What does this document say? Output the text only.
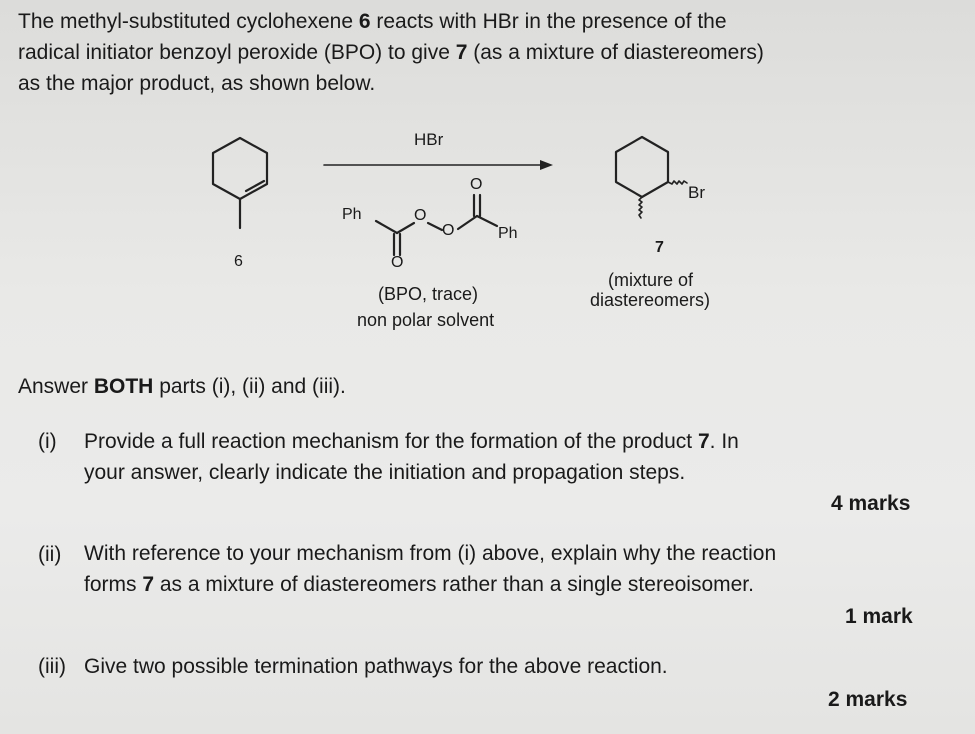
The methyl-substituted cyclohexene 6 reacts with HBr in the presence of the
radical initiator benzoyl peroxide (BPO) to give 7 (as a mixture of diastereomers)
as the major product, as shown below.
HBr
6
Ph
Ph
O
O
O
O
(BPO, trace)
non polar solvent
Br
7
(mixture of
diastereomers)
Answer BOTH parts (i), (ii) and (iii).
(i) Provide a full reaction mechanism for the formation of the product 7. In
your answer, clearly indicate the initiation and propagation steps.
4 marks
(ii) With reference to your mechanism from (i) above, explain why the reaction
forms 7 as a mixture of diastereomers rather than a single stereoisomer.
1 mark
(iii) Give two possible termination pathways for the above reaction.
2 marks
